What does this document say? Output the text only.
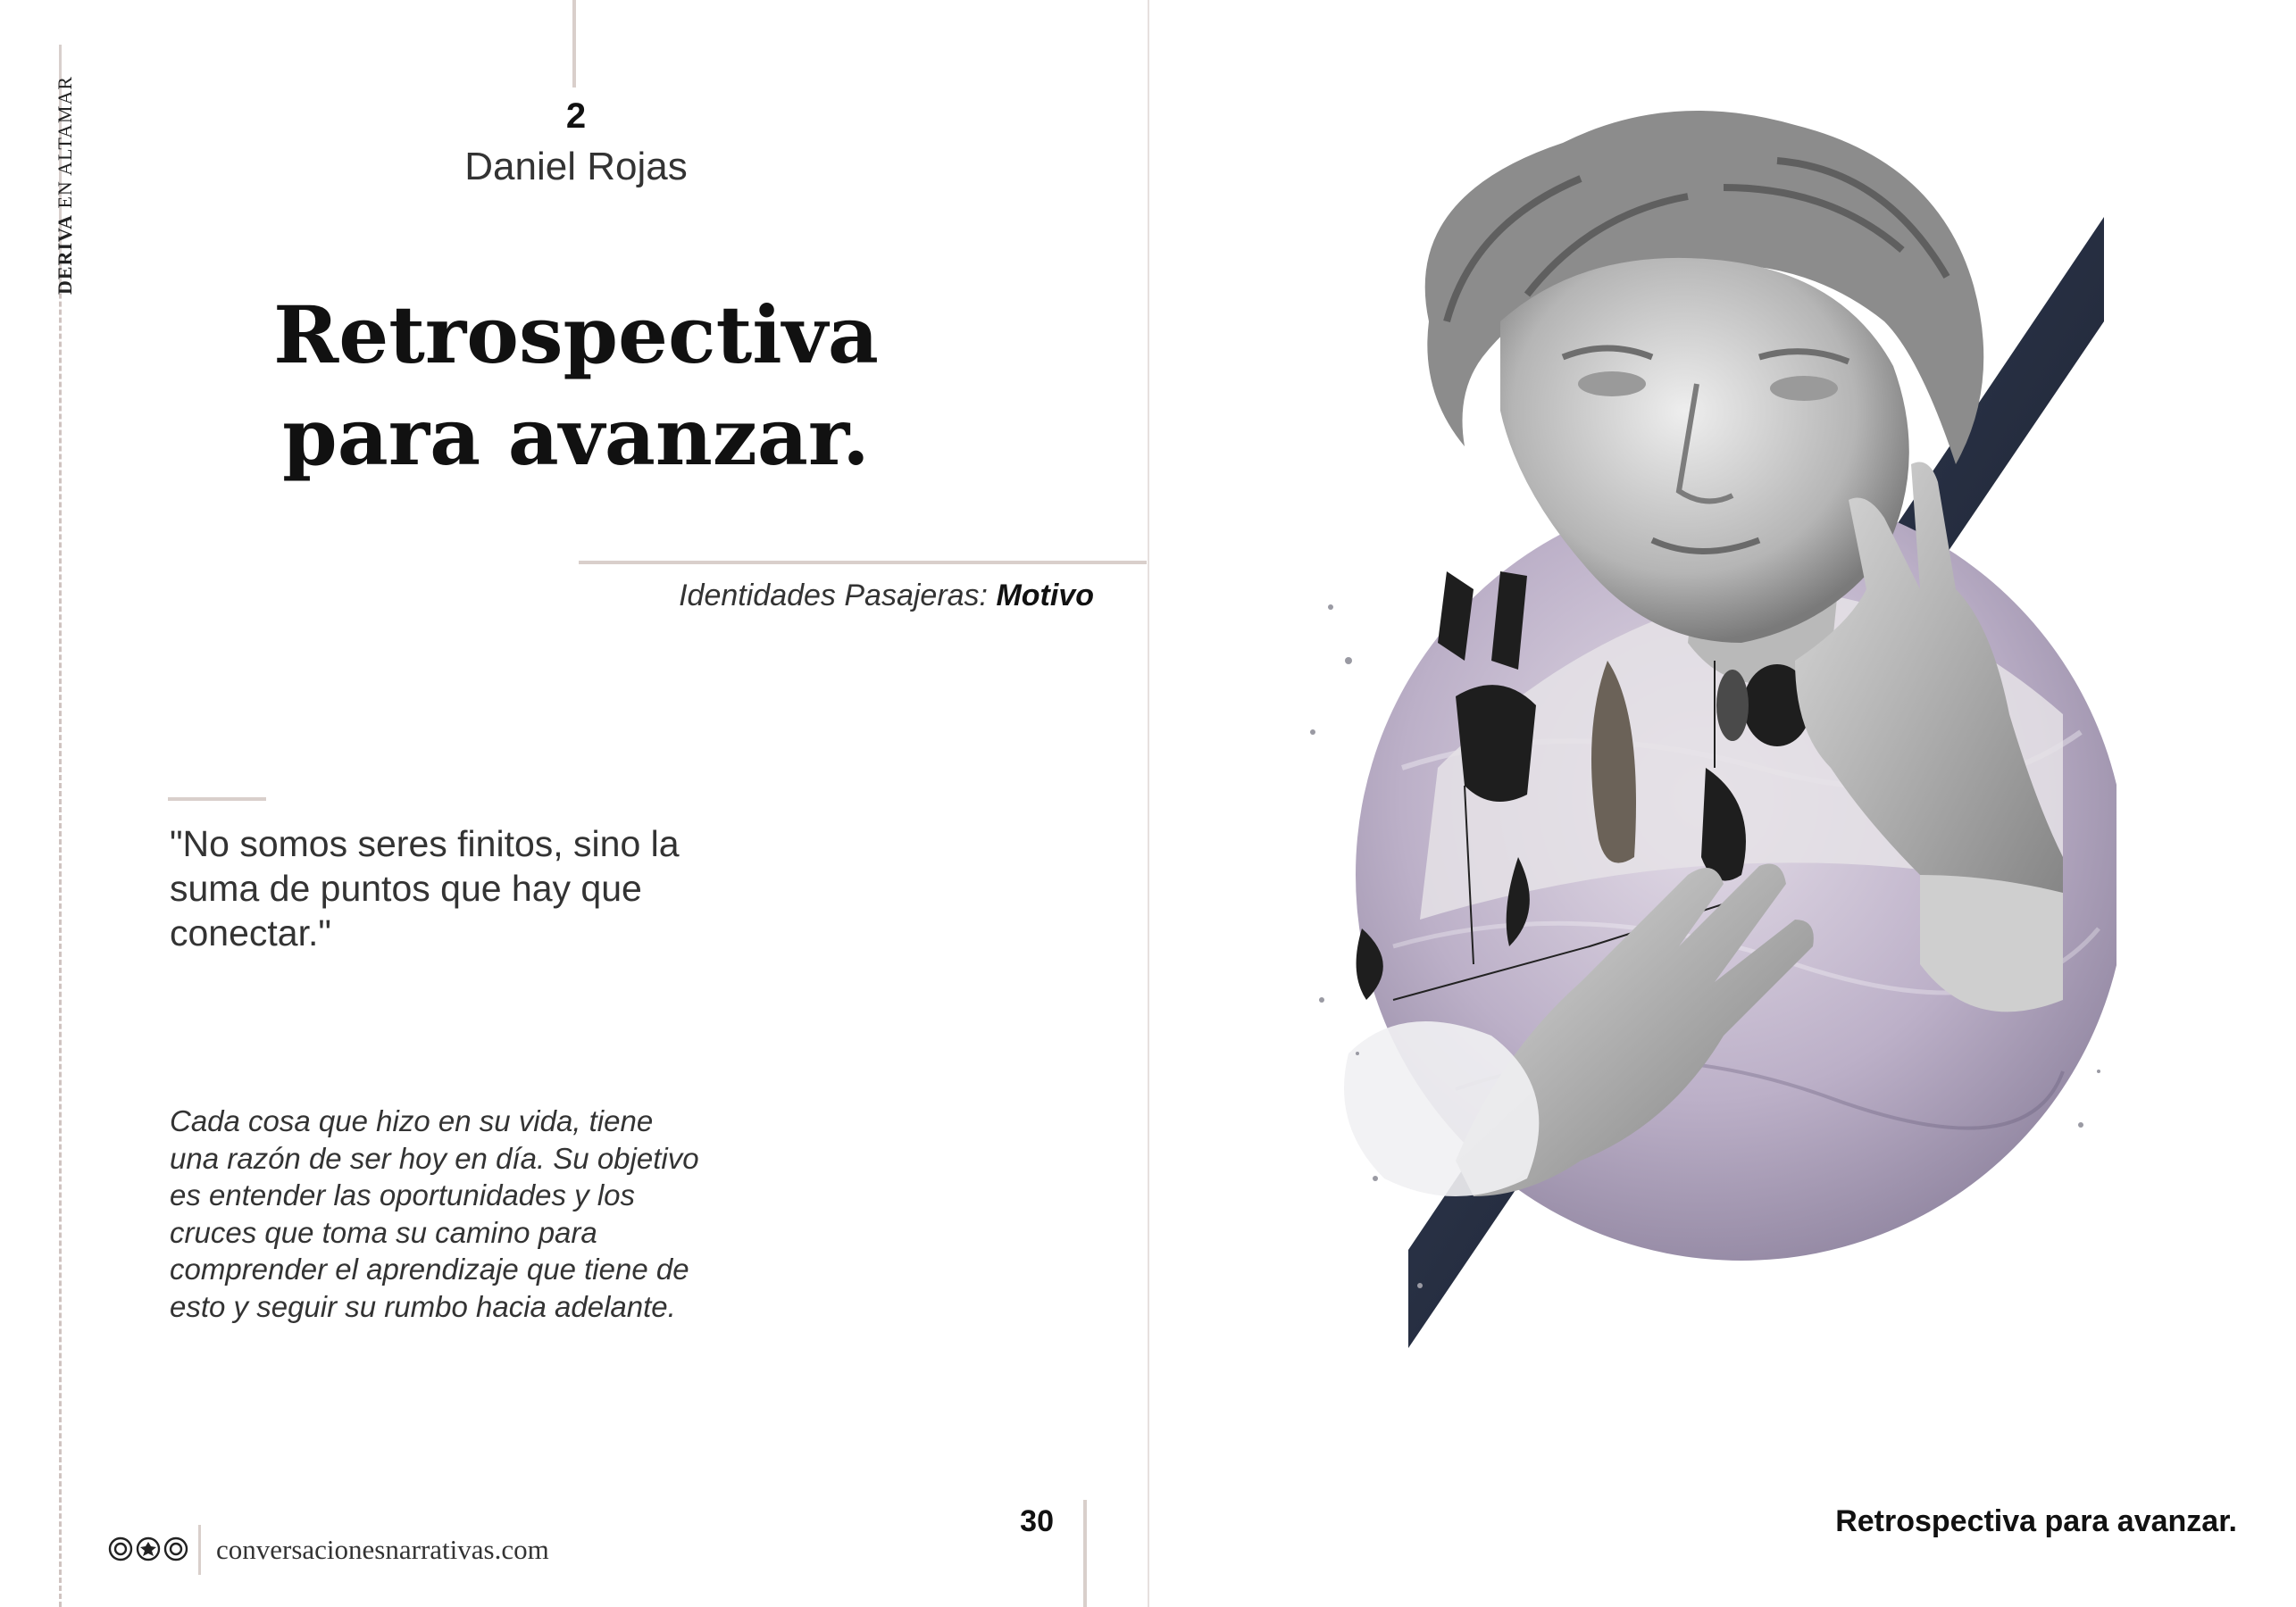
DERIVA EN ALTAMAR	2
Daniel Rojas
Retrospectiva
para avanzar.
Identidades Pasajeras: Motivo
"No somos seres finitos, sino la suma de puntos que hay que conectar."
Cada cosa que hizo en su vida, tiene una razón de ser hoy en día. Su objetivo es entender las oportunidades y los cruces que toma su camino para comprender el aprendizaje que tiene de esto y seguir su rumbo hacia adelante.
conversacionesnarrativas.com
30	Retrospectiva para avanzar.
